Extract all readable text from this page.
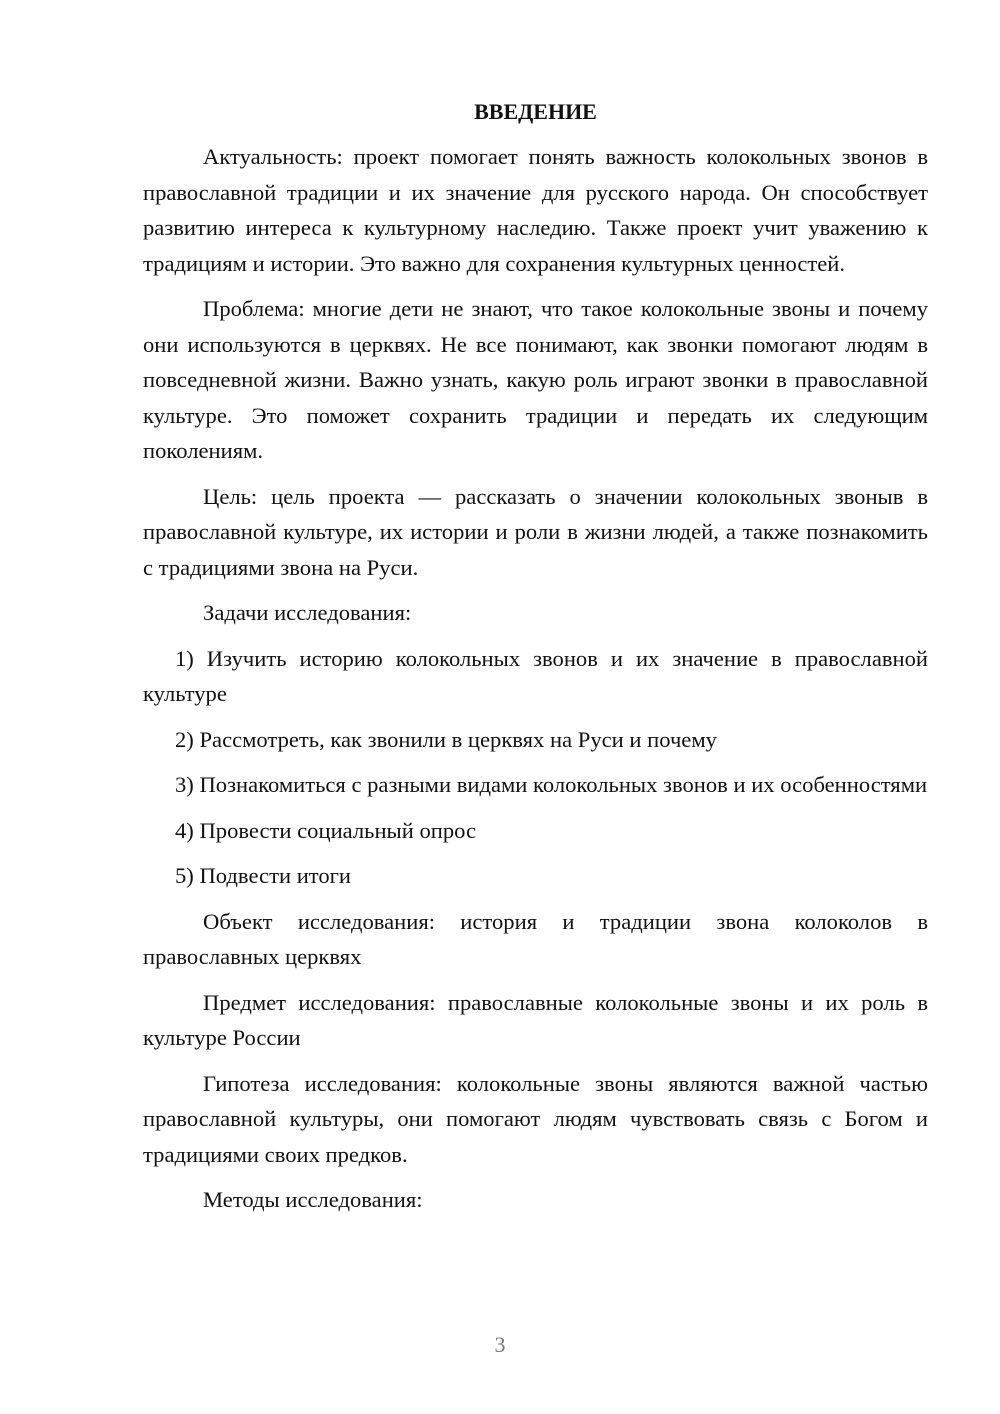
ВВЕДЕНИЕ

Актуальность: проект помогает понять важность колокольных звонов в православной традиции и их значение для русского народа. Он способствует развитию интереса к культурному наследию. Также проект учит уважению к традициям и истории. Это важно для сохранения культурных ценностей.

Проблема: многие дети не знают, что такое колокольные звоны и почему они используются в церквях. Не все понимают, как звонки помогают людям в повседневной жизни. Важно узнать, какую роль играют звонки в православной культуре. Это поможет сохранить традиции и передать их следующим поколениям.

Цель: цель проекта — рассказать о значении колокольных звоныв в православной культуре, их истории и роли в жизни людей, а также познакомить с традициями звона на Руси.

Задачи исследования:

1) Изучить историю колокольных звонов и их значение в православной культуре

2) Рассмотреть, как звонили в церквях на Руси и почему

3) Познакомиться с разными видами колокольных звонов и их особенностями

4) Провести социальный опрос

5) Подвести итоги

Объект исследования: история и традиции звона колоколов в православных церквях

Предмет исследования: православные колокольные звоны и их роль в культуре России

Гипотеза исследования: колокольные звоны являются важной частью православной культуры, они помогают людям чувствовать связь с Богом и традициями своих предков.

Методы исследования:

3
